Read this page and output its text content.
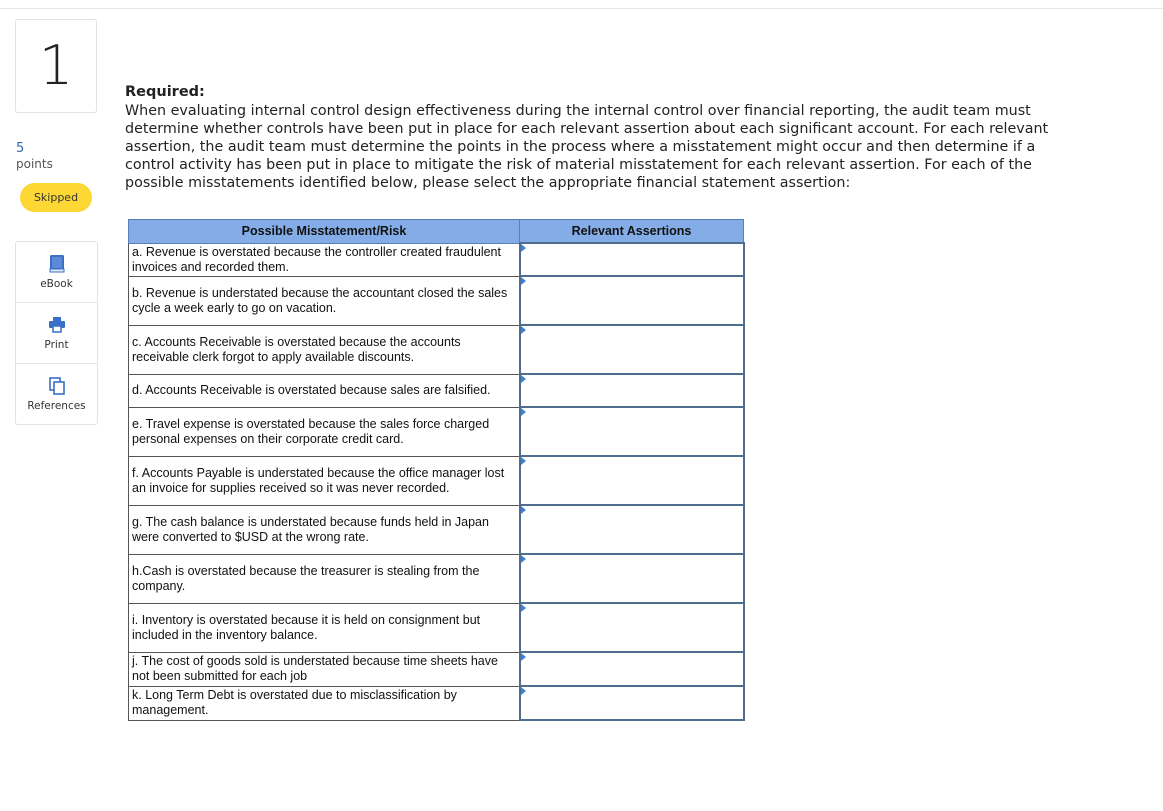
1
5
points
Skipped
eBook
Print
References
Required:
When evaluating internal control design effectiveness during the internal control over financial reporting, the audit team must determine whether controls have been put in place for each relevant assertion about each significant account. For each relevant assertion, the audit team must determine the points in the process where a misstatement might occur and then determine if a control activity has been put in place to mitigate the risk of material misstatement for each relevant assertion. For each of the possible misstatements identified below, please select the appropriate financial statement assertion:
Possible Misstatement/Risk	Relevant Assertions
a. Revenue is overstated because the controller created fraudulent invoices and recorded them.	

b. Revenue is understated because the accountant closed the sales cycle a week early to go on vacation.	

c. Accounts Receivable is overstated because the accounts receivable clerk forgot to apply available discounts.	

d. Accounts Receivable is overstated because sales are falsified.	

e. Travel expense is overstated because the sales force charged personal expenses on their corporate credit card.	

f. Accounts Payable is understated because the office manager lost an invoice for supplies received so it was never recorded.	

g. The cash balance is understated because funds held in Japan were converted to $USD at the wrong rate.	

h.Cash is overstated because the treasurer is stealing from the company.	

i. Inventory is overstated because it is held on consignment but included in the inventory balance.	

j. The cost of goods sold is understated because time sheets have not been submitted for each job	

k. Long Term Debt is overstated due to misclassification by management.	
